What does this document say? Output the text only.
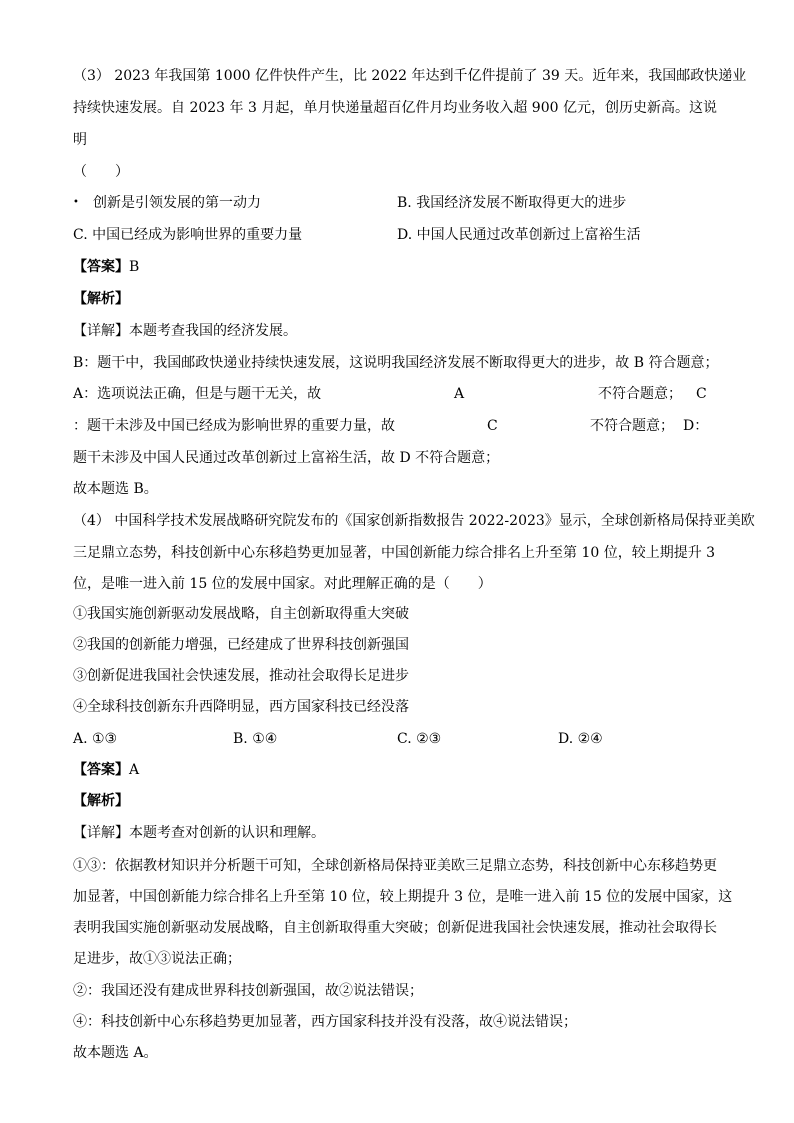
（3） 2023 年我国第 1000 亿件快件产生，比 2022 年达到千亿件提前了 39 天。近年来，我国邮政快递业

持续快速发展。自 2023 年 3 月起，单月快递量超百亿件月均业务收入超 900 亿元，创历史新高。这说

明

（　　）

• 创新是引领发展的第一动力	B. 我国经济发展不断取得更大的进步
C. 中国已经成为影响世界的重要力量	D. 中国人民通过改革创新过上富裕生活

【答案】B

【解析】

【详解】本题考查我国的经济发展。

B：题干中，我国邮政快递业持续快速发展，这说明我国经济发展不断取得更大的进步，故 B 符合题意；

A：选项说法正确，但是与题干无关，故	A	不符合题意； C
：题干未涉及中国已经成为影响世界的重要力量，故	C	不符合题意； D：

题干未涉及中国人民通过改革创新过上富裕生活，故 D 不符合题意；

故本题选 B。

（4） 中国科学技术发展战略研究院发布的《国家创新指数报告 2022-2023》显示，全球创新格局保持亚美欧

三足鼎立态势，科技创新中心东移趋势更加显著，中国创新能力综合排名上升至第 10 位，较上期提升 3

位，是唯一进入前 15 位的发展中国家。对此理解正确的是（　　）

①我国实施创新驱动发展战略，自主创新取得重大突破

②我国的创新能力增强，已经建成了世界科技创新强国

③创新促进我国社会快速发展，推动社会取得长足进步

④全球科技创新东升西降明显，西方国家科技已经没落

A. ①③	B. ①④	C. ②③	D. ②④

【答案】A

【解析】

【详解】本题考查对创新的认识和理解。

①③：依据教材知识并分析题干可知，全球创新格局保持亚美欧三足鼎立态势，科技创新中心东移趋势更

加显著，中国创新能力综合排名上升至第 10 位，较上期提升 3 位，是唯一进入前 15 位的发展中国家，这

表明我国实施创新驱动发展战略，自主创新取得重大突破；创新促进我国社会快速发展，推动社会取得长

足进步，故①③说法正确；

②：我国还没有建成世界科技创新强国，故②说法错误；

④：科技创新中心东移趋势更加显著，西方国家科技并没有没落，故④说法错误；

故本题选 A。
